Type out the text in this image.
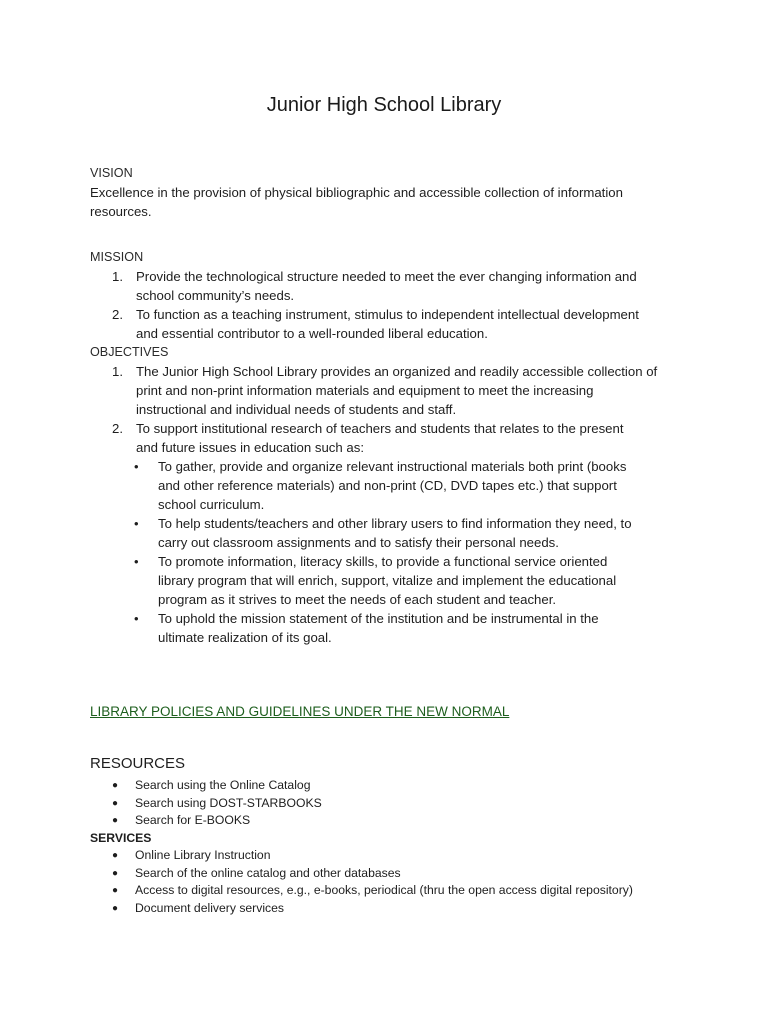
Junior High School Library
VISION
Excellence in the provision of physical bibliographic and accessible collection of information
resources.
MISSION
1. Provide the technological structure needed to meet the ever changing information and
school community’s needs.
2. To function as a teaching instrument, stimulus to independent intellectual development
and essential contributor to a well-rounded liberal education.
OBJECTIVES
1. The Junior High School Library provides an organized and readily accessible collection of
print and non-print information materials and equipment to meet the increasing
instructional and individual needs of students and staff.
2. To support institutional research of teachers and students that relates to the present
and future issues in education such as:
• To gather, provide and organize relevant instructional materials both print (books
and other reference materials) and non-print (CD, DVD tapes etc.) that support
school curriculum.
• To help students/teachers and other library users to find information they need, to
carry out classroom assignments and to satisfy their personal needs.
• To promote information, literacy skills, to provide a functional service oriented
library program that will enrich, support, vitalize and implement the educational
program as it strives to meet the needs of each student and teacher.
• To uphold the mission statement of the institution and be instrumental in the
ultimate realization of its goal.
LIBRARY POLICIES AND GUIDELINES UNDER THE NEW NORMAL
RESOURCES
● Search using the Online Catalog
● Search using DOST-STARBOOKS
● Search for E-BOOKS
SERVICES
● Online Library Instruction
● Search of the online catalog and other databases
● Access to digital resources, e.g., e-books, periodical (thru the open access digital repository)
● Document delivery services
